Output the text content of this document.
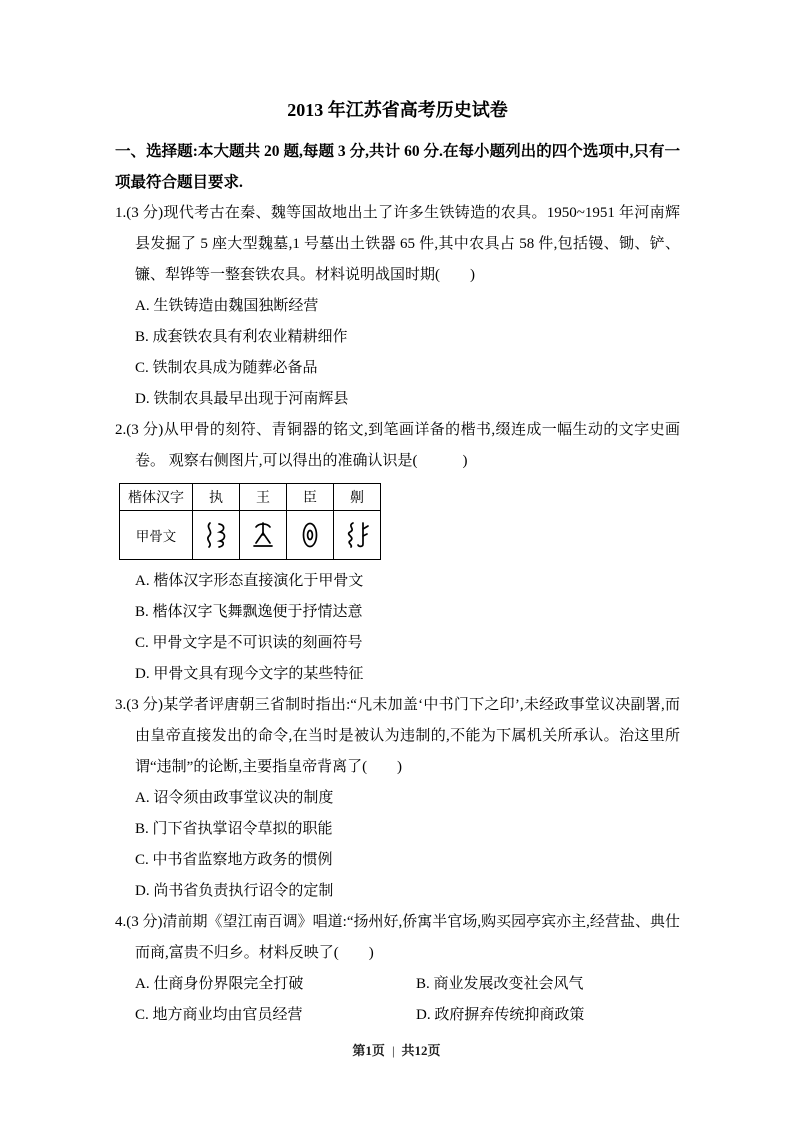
2013 年江苏省高考历史试卷

一、选择题:本大题共 20 题,每题 3 分,共计 60 分.在每小题列出的四个选项中,只有一项最符合题目要求.

1.(3 分)现代考古在秦、魏等国故地出土了许多生铁铸造的农具。1950~1951 年河南辉县发掘了 5 座大型魏墓,1 号墓出土铁器 65 件,其中农具占 58 件,包括镘、锄、铲、镰、犁铧等一整套铁农具。材料说明战国时期(　　)

A. 生铁铸造由魏国独断经营

B. 成套铁农具有利农业精耕细作

C. 铁制农具成为随葬必备品

D. 铁制农具最早出现于河南辉县

2.(3 分)从甲骨的刻符、青铜器的铭文,到笔画详备的楷书,缀连成一幅生动的文字史画卷。 观察右侧图片,可以得出的准确认识是(　　　)

楷体汉字	执	王	臣	劓
甲骨文	

A. 楷体汉字形态直接演化于甲骨文

B. 楷体汉字飞舞飘逸便于抒情达意

C. 甲骨文字是不可识读的刻画符号

D. 甲骨文具有现今文字的某些特征

3.(3 分)某学者评唐朝三省制时指出:“凡未加盖‘中书门下之印’,未经政事堂议决副署,而由皇帝直接发出的命令,在当时是被认为违制的,不能为下属机关所承认。治这里所谓“违制”的论断,主要指皇帝背离了(　　)

A. 诏令须由政事堂议决的制度

B. 门下省执掌诏令草拟的职能

C. 中书省监察地方政务的惯例

D. 尚书省负责执行诏令的定制

4.(3 分)清前期《望江南百调》唱道:“扬州好,侨寓半官场,购买园亭宾亦主,经营盐、典仕而商,富贵不归乡。材料反映了(　　)

A. 仕商身份界限完全打破	B. 商业发展改变社会风气

C. 地方商业均由官员经营	D. 政府摒弃传统抑商政策

第1页 | 共12页
